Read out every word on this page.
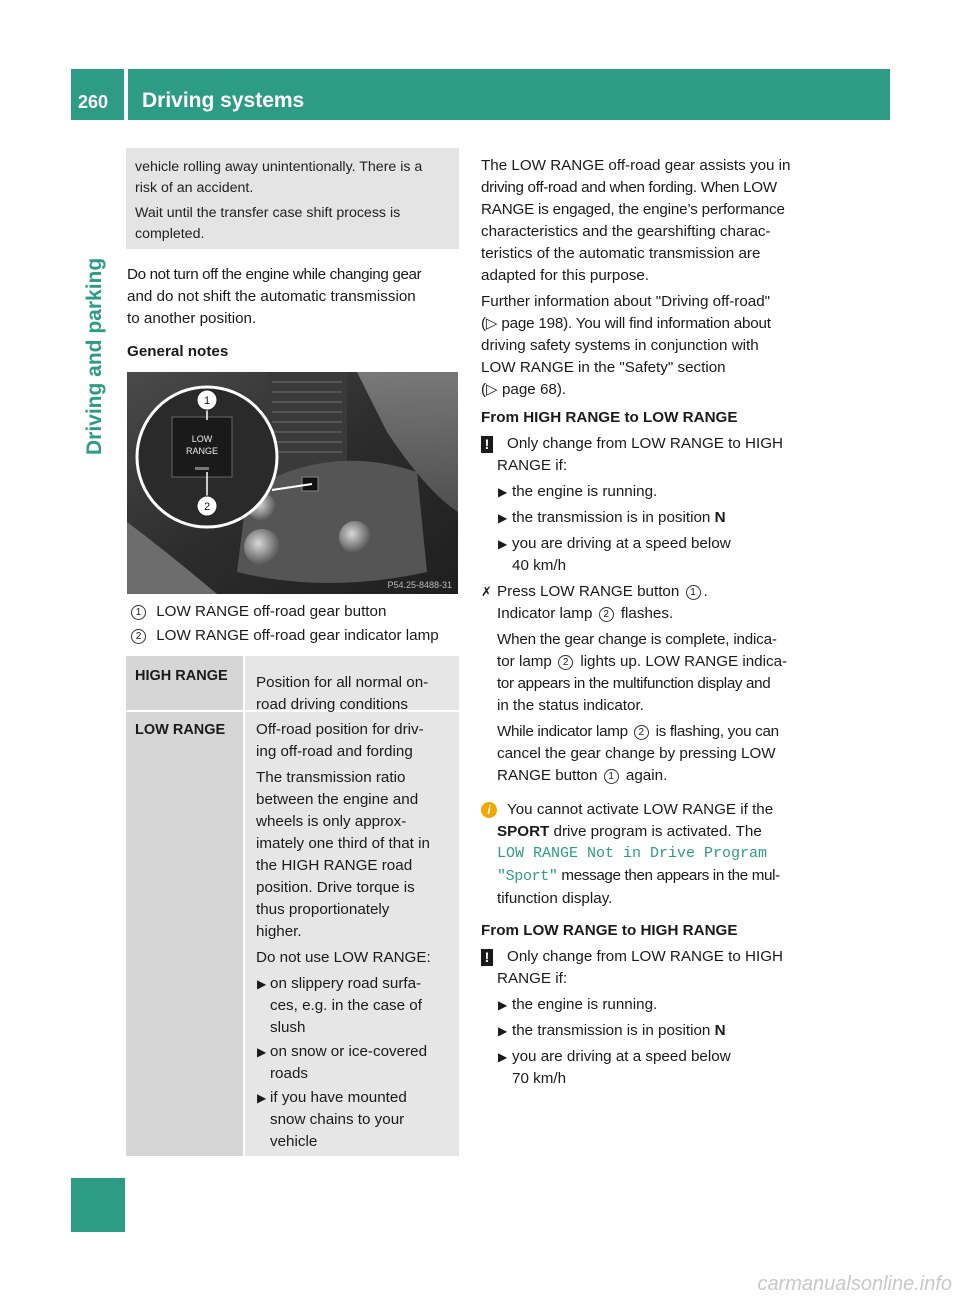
260 Driving systems
Driving and parking

vehicle rolling away unintentionally. There is a

risk of an accident.

Wait until the transfer case shift process is

completed.

Do not turn off the engine while changing gear

and do not shift the automatic transmission

to another position.

General notes
LOW
RANGE
1
2
P54.25-8488-31
1 LOW RANGE off-road gear button
2 LOW RANGE off-road gear indicator lamp
HIGH RANGE Position for all normal on-

road driving conditions

LOW RANGE Off-road position for driv-

ing off-road and fording

The transmission ratio

between the engine and

wheels is only approx-

imately one third of that in

the HIGH RANGE road

position. Drive torque is

thus proportionately

higher.

Do not use LOW RANGE:

▶ on slippery road surfa-

ces, e.g. in the case of

slush

▶ on snow or ice-covered

roads

▶ if you have mounted

snow chains to your

vehicle

The LOW RANGE off-road gear assists you in

driving off-road and when fording. When LOW

RANGE is engaged, the engine’s performance

characteristics and the gearshifting charac-

teristics of the automatic transmission are

adapted for this purpose.

Further information about "Driving off-road"

(▷ page 198). You will find information about

driving safety systems in conjunction with

LOW RANGE in the "Safety" section

(▷ page 68).

From HIGH RANGE to LOW RANGE

!	Only change from LOW RANGE to HIGH

RANGE if:

▶ the engine is running.

▶ the transmission is in position N

▶ you are driving at a speed below

40 km/h

✗ Press LOW RANGE button 1 .

Indicator lamp 2 flashes.

When the gear change is complete, indica-

tor lamp 2 lights up. LOW RANGE indica-

tor appears in the multifunction display and

in the status indicator.

While indicator lamp 2 is flashing, you can

cancel the gear change by pressing LOW

RANGE button 1 again.

i	You cannot activate LOW RANGE if the

SPORT drive program is activated. The

LOW RANGE Not in Drive Program

"Sport" message then appears in the mul-

tifunction display.

From LOW RANGE to HIGH RANGE

!	Only change from LOW RANGE to HIGH

RANGE if:

▶ the engine is running.

▶ the transmission is in position N

▶ you are driving at a speed below

70 km/h

carmanualsonline.info
